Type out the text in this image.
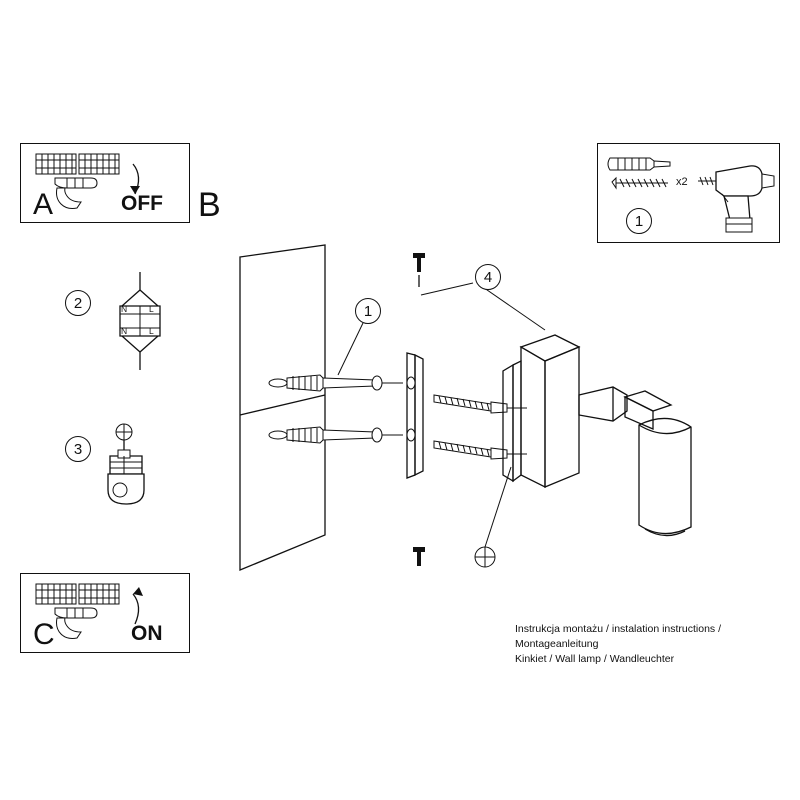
A	OFF B
2	N	L
N	L
3
C	ON
1
x2
1
4
Instrukcja montażu / instalation instructions / Montageanleitung
Kinkiet / Wall lamp / Wandleuchter
